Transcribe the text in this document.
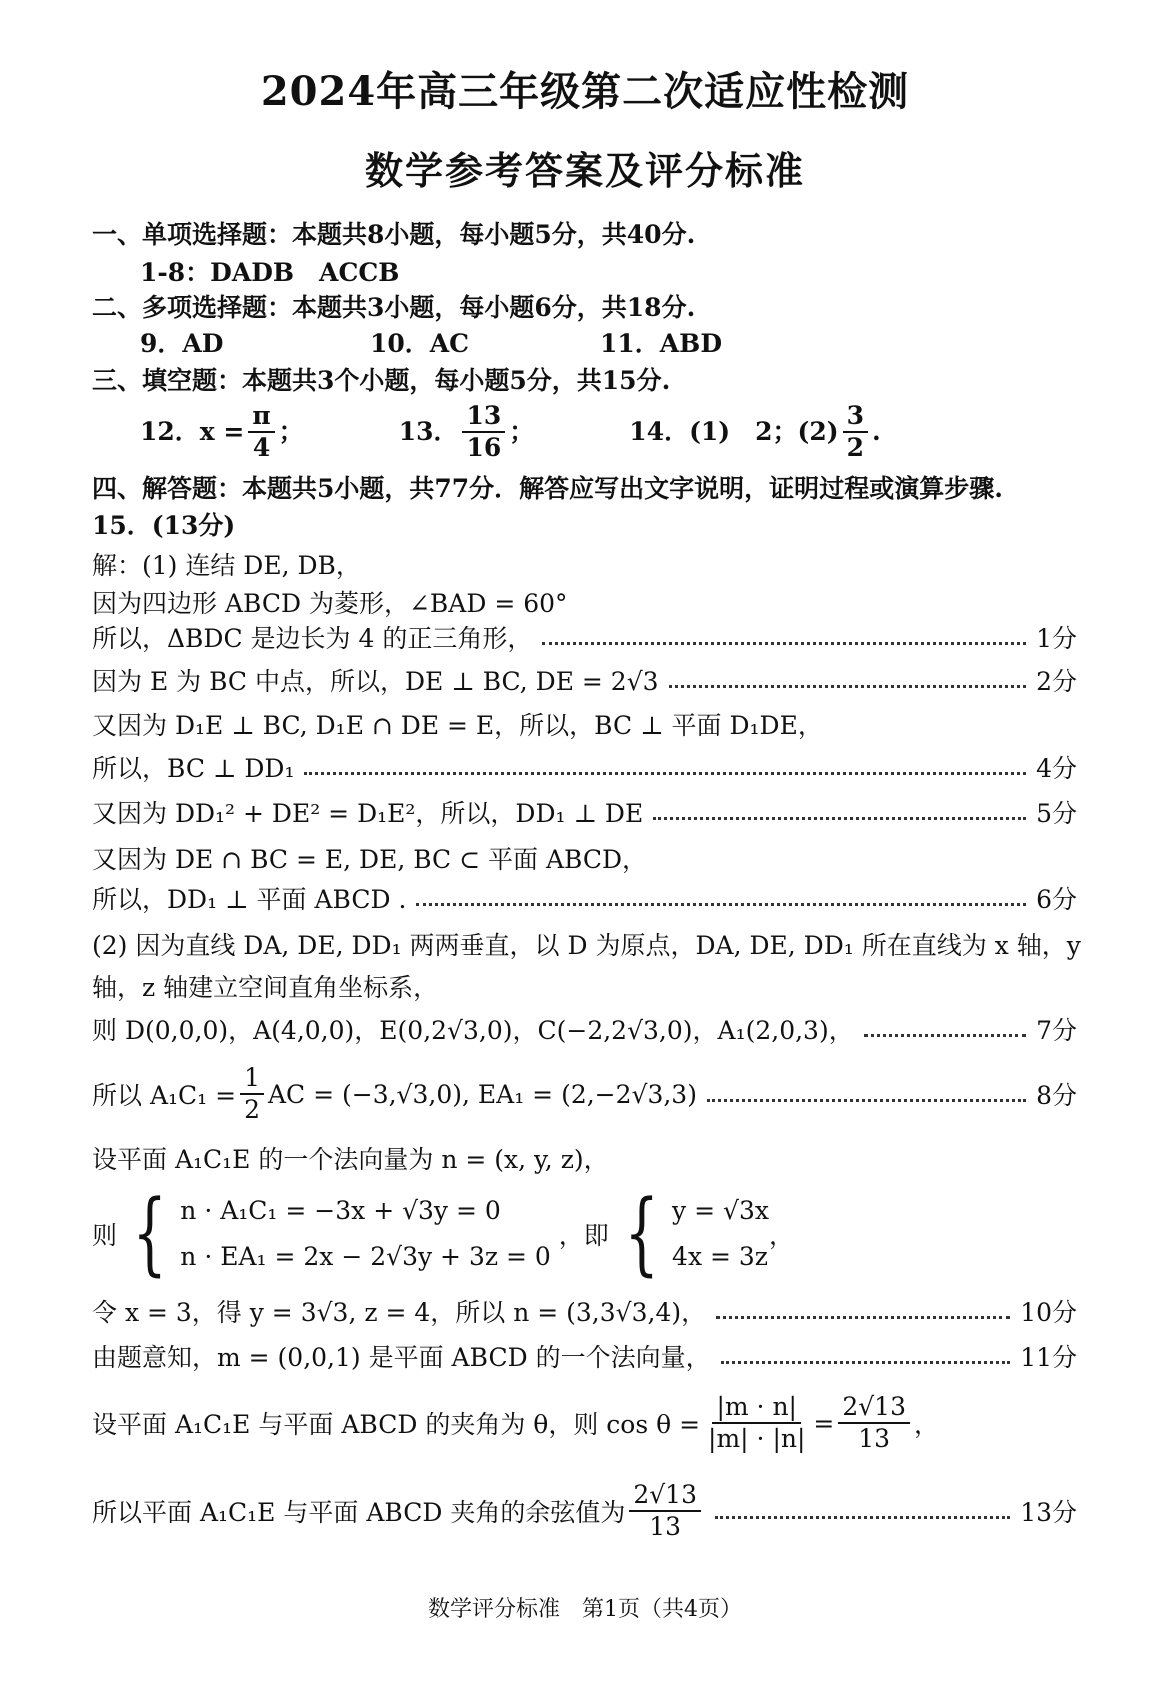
2024年高三年级第二次适应性检测
数学参考答案及评分标准
一、单项选择题：本题共8小题，每小题5分，共40分.
1-8：DADB　ACCB
二、多项选择题：本题共3小题，每小题6分，共18分.
9．AD	10．AC	11．ABD
三、填空题：本题共3个小题，每小题5分，共15分.
12．$x = \frac{\pi}{4}$ ；	13． $\frac{13}{16}$ ；	14．(1)　2；$(2) \frac{3}{2}$ .
四、解答题：本题共5小题，共77分．解答应写出文字说明，证明过程或演算步骤.
15．(13分)
解：(1) 连结 DE, DB，
因为四边形 ABCD 为菱形，∠BAD = 60°
所以，ΔBDC 是边长为 4 的正三角形，	1分
因为 E 为 BC 中点，所以，DE ⊥ BC, DE = 2√3	2分
又因为 D₁E ⊥ BC, D₁E ∩ DE = E，所以，BC ⊥ 平面 D₁DE，
所以，BC ⊥ DD₁	4分
又因为 DD₁² + DE² = D₁E²，所以，DD₁ ⊥ DE	5分
又因为 DE ∩ BC = E, DE, BC ⊂ 平面 ABCD，
所以，DD₁ ⊥ 平面 ABCD .	6分
(2) 因为直线 DA, DE, DD₁ 两两垂直，以 D 为原点，DA, DE, DD₁ 所在直线为 x 轴，y
轴，z 轴建立空间直角坐标系，
则 D(0,0,0)，A(4,0,0)，E(0,2√3,0)，C(−2,2√3,0)，A₁(2,0,3)，	7分
所以 $A_1C_1 = \frac{1}{2}$ AC = (−3,√3,0), EA₁ = (2,−2√3,3)	8分
设平面 A₁C₁E 的一个法向量为 n = (x, y, z)，
则 { n · A₁C₁ = −3x + √3y = 0
n · EA₁ = 2x − 2√3y + 3z = 0
，即 { y = √3x
4x = 3z
，
令 x = 3，得 y = 3√3, z = 4，所以 n = (3,3√3,4)，	10分
由题意知，m = (0,0,1) 是平面 ABCD 的一个法向量，	11分
设平面 A₁C₁E 与平面 ABCD 的夹角为 θ，则 $\cos \theta = \frac{|m \cdot n|}{|m| \cdot |n|} = \frac{2√13}{13}$ ，
所以平面 A₁C₁E 与平面 ABCD 夹角的余弦值为 $\frac{2√13}{13}$	13分
数学评分标准　第1页（共4页）
